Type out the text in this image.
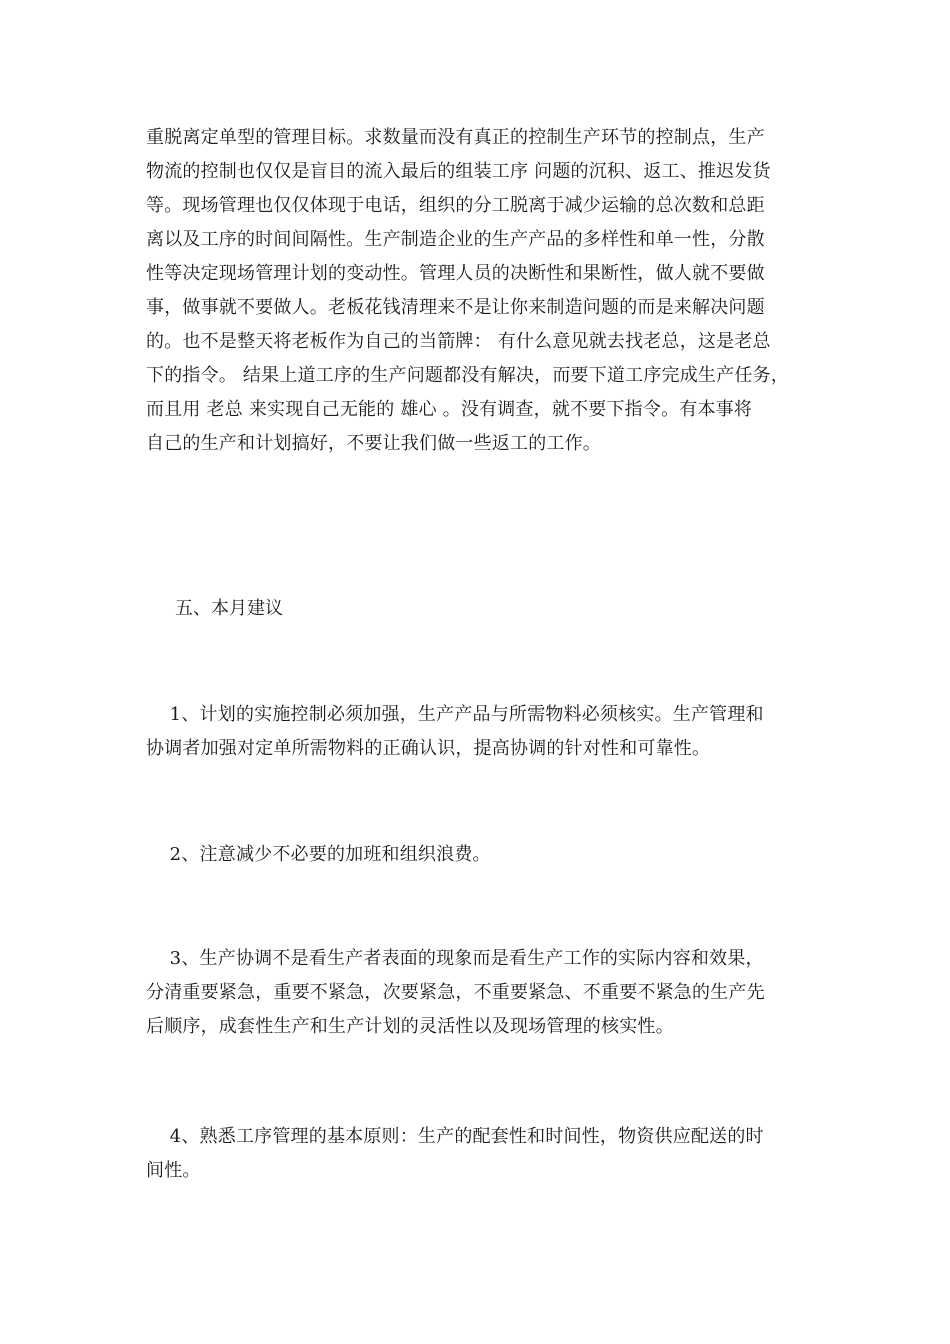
重脱离定单型的管理目标。求数量而没有真正的控制生产环节的控制点，生产
物流的控制也仅仅是盲目的流入最后的组装工序 问题的沉积、返工、推迟发货
等。现场管理也仅仅体现于电话，组织的分工脱离于减少运输的总次数和总距
离以及工序的时间间隔性。生产制造企业的生产产品的多样性和单一性，分散
性等决定现场管理计划的变动性。管理人员的决断性和果断性，做人就不要做
事，做事就不要做人。老板花钱清理来不是让你来制造问题的而是来解决问题
的。也不是整天将老板作为自己的当箭牌： 有什么意见就去找老总，这是老总
下的指令。 结果上道工序的生产问题都没有解决，而要下道工序完成生产任务，
而且用 老总 来实现自己无能的 雄心 。没有调查，就不要下指令。有本事将
自己的生产和计划搞好，不要让我们做一些返工的工作。
五、本月建议
1、计划的实施控制必须加强，生产产品与所需物料必须核实。生产管理和
协调者加强对定单所需物料的正确认识，提高协调的针对性和可靠性。
2、注意减少不必要的加班和组织浪费。
3、生产协调不是看生产者表面的现象而是看生产工作的实际内容和效果，
分清重要紧急，重要不紧急，次要紧急，不重要紧急、不重要不紧急的生产先
后顺序，成套性生产和生产计划的灵活性以及现场管理的核实性。
4、熟悉工序管理的基本原则：生产的配套性和时间性，物资供应配送的时
间性。
